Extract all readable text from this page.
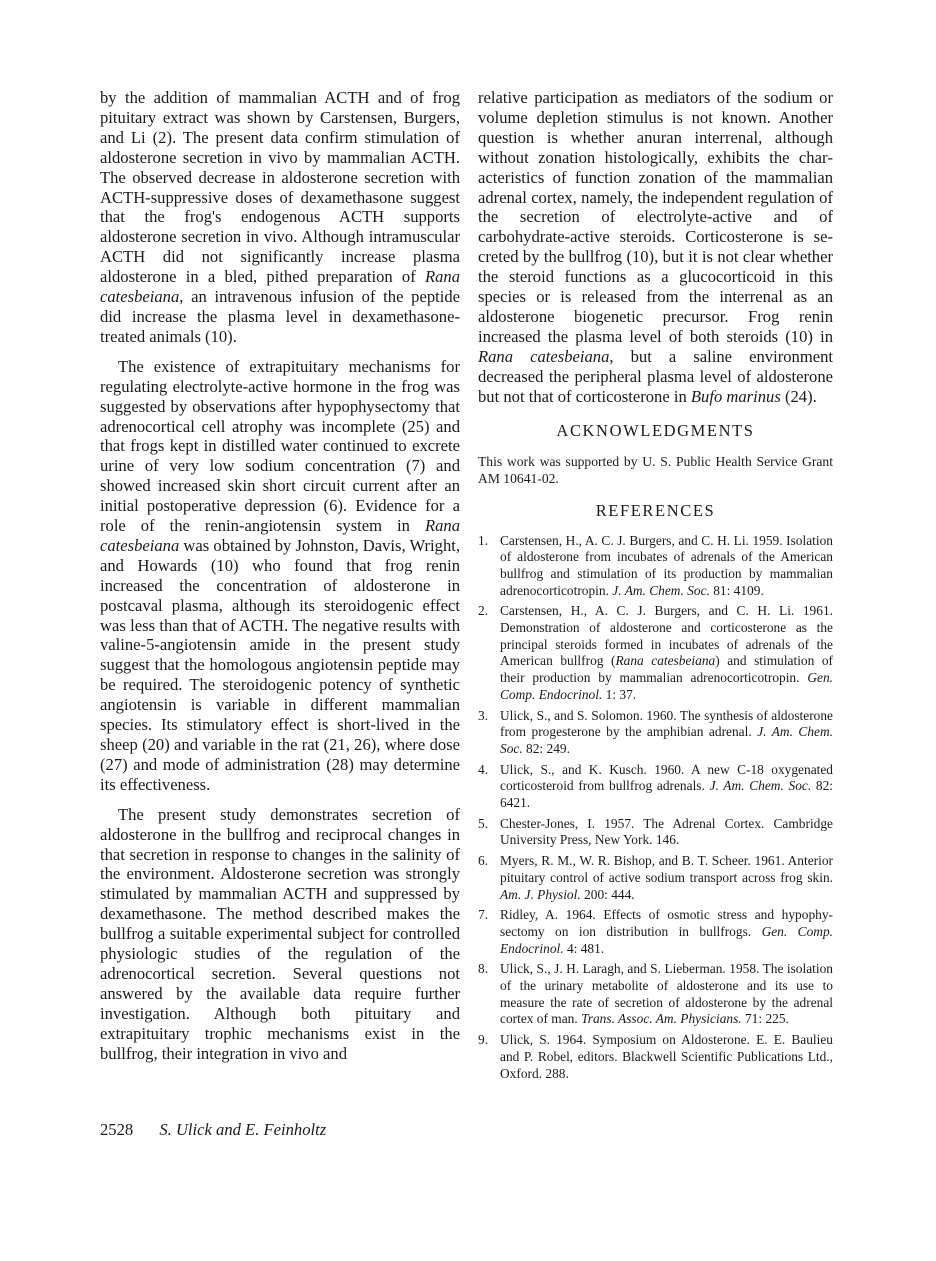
by the addition of mammalian ACTH and of frog pituitary extract was shown by Carstensen, Burgers, and Li (2). The present data confirm stimulation of aldosterone secretion in vivo by mammalian ACTH. The observed decrease in aldosterone secretion with ACTH-suppressive doses of dexamethasone suggest that the frog's endogenous ACTH supports aldosterone secretion in vivo. Although intramuscular ACTH did not significantly increase plasma aldosterone in a bled, pithed preparation of Rana catesbeiana, an intravenous infusion of the peptide did increase the plasma level in dexamethasone-treated animals (10).

The existence of extrapituitary mechanisms for regulating electrolyte-active hormone in the frog was suggested by observations after hypophysectomy that adrenocortical cell atrophy was incomplete (25) and that frogs kept in distilled water continued to excrete urine of very low sodium concentration (7) and showed increased skin short circuit current after an initial postoperative depression (6). Evidence for a role of the renin-angiotensin system in Rana catesbeiana was obtained by Johnston, Davis, Wright, and Howards (10) who found that frog renin increased the concentration of aldosterone in postcaval plasma, although its steroidogenic effect was less than that of ACTH. The negative results with valine-5-angiotensin amide in the present study suggest that the homologous angiotensin peptide may be required. The steroidogenic potency of synthetic angiotensin is variable in different mammalian species. Its stimulatory effect is short-lived in the sheep (20) and variable in the rat (21, 26), where dose (27) and mode of administration (28) may determine its effectiveness.

The present study demonstrates secretion of aldosterone in the bullfrog and reciprocal changes in that secretion in response to changes in the salinity of the environment. Aldosterone secretion was strongly stimulated by mammalian ACTH and suppressed by dexamethasone. The method described makes the bullfrog a suitable experimental subject for controlled physiologic studies of the regulation of the adrenocortical secretion. Several questions not answered by the available data require further investigation. Although both pituitary and extrapituitary trophic mechanisms exist in the bullfrog, their integration in vivo and

relative participation as mediators of the sodium or volume depletion stimulus is not known. Another question is whether anuran interrenal, although without zonation histologically, exhibits the characteristics of function zonation of the mammalian adrenal cortex, namely, the independent regulation of the secretion of electrolyte-active and of carbohydrate-active steroids. Corticosterone is secreted by the bullfrog (10), but it is not clear whether the steroid functions as a glucocorticoid in this species or is released from the interrenal as an aldosterone biogenetic precursor. Frog renin increased the plasma level of both steroids (10) in Rana catesbeiana, but a saline environment decreased the peripheral plasma level of aldosterone but not that of corticosterone in Bufo marinus (24).

ACKNOWLEDGMENTS

This work was supported by U. S. Public Health Service Grant AM 10641-02.

REFERENCES
1. Carstensen, H., A. C. J. Burgers, and C. H. Li. 1959. Isolation of aldosterone from incubates of adrenals of the American bullfrog and stimulation of its production by mammalian adrenocorticotropin. J. Am. Chem. Soc. 81: 4109.
2. Carstensen, H., A. C. J. Burgers, and C. H. Li. 1961. Demonstration of aldosterone and corticosterone as the principal steroids formed in incubates of adrenals of the American bullfrog (Rana catesbeiana) and stimulation of their production by mammalian adrenocorticotropin. Gen. Comp. Endocrinol. 1: 37.
3. Ulick, S., and S. Solomon. 1960. The synthesis of aldosterone from progesterone by the amphibian adrenal. J. Am. Chem. Soc. 82: 249.
4. Ulick, S., and K. Kusch. 1960. A new C-18 oxygenated corticosteroid from bullfrog adrenals. J. Am. Chem. Soc. 82: 6421.
5. Chester-Jones, I. 1957. The Adrenal Cortex. Cambridge University Press, New York. 146.
6. Myers, R. M., W. R. Bishop, and B. T. Scheer. 1961. Anterior pituitary control of active sodium transport across frog skin. Am. J. Physiol. 200: 444.
7. Ridley, A. 1964. Effects of osmotic stress and hypophysectomy on ion distribution in bullfrogs. Gen. Comp. Endocrinol. 4: 481.
8. Ulick, S., J. H. Laragh, and S. Lieberman. 1958. The isolation of the urinary metabolite of aldosterone and its use to measure the rate of secretion of aldosterone by the adrenal cortex of man. Trans. Assoc. Am. Physicians. 71: 225.
9. Ulick, S. 1964. Symposium on Aldosterone. E. E. Baulieu and P. Robel, editors. Blackwell Scientific Publications Ltd., Oxford. 288.
2528 S. Ulick and E. Feinholtz
